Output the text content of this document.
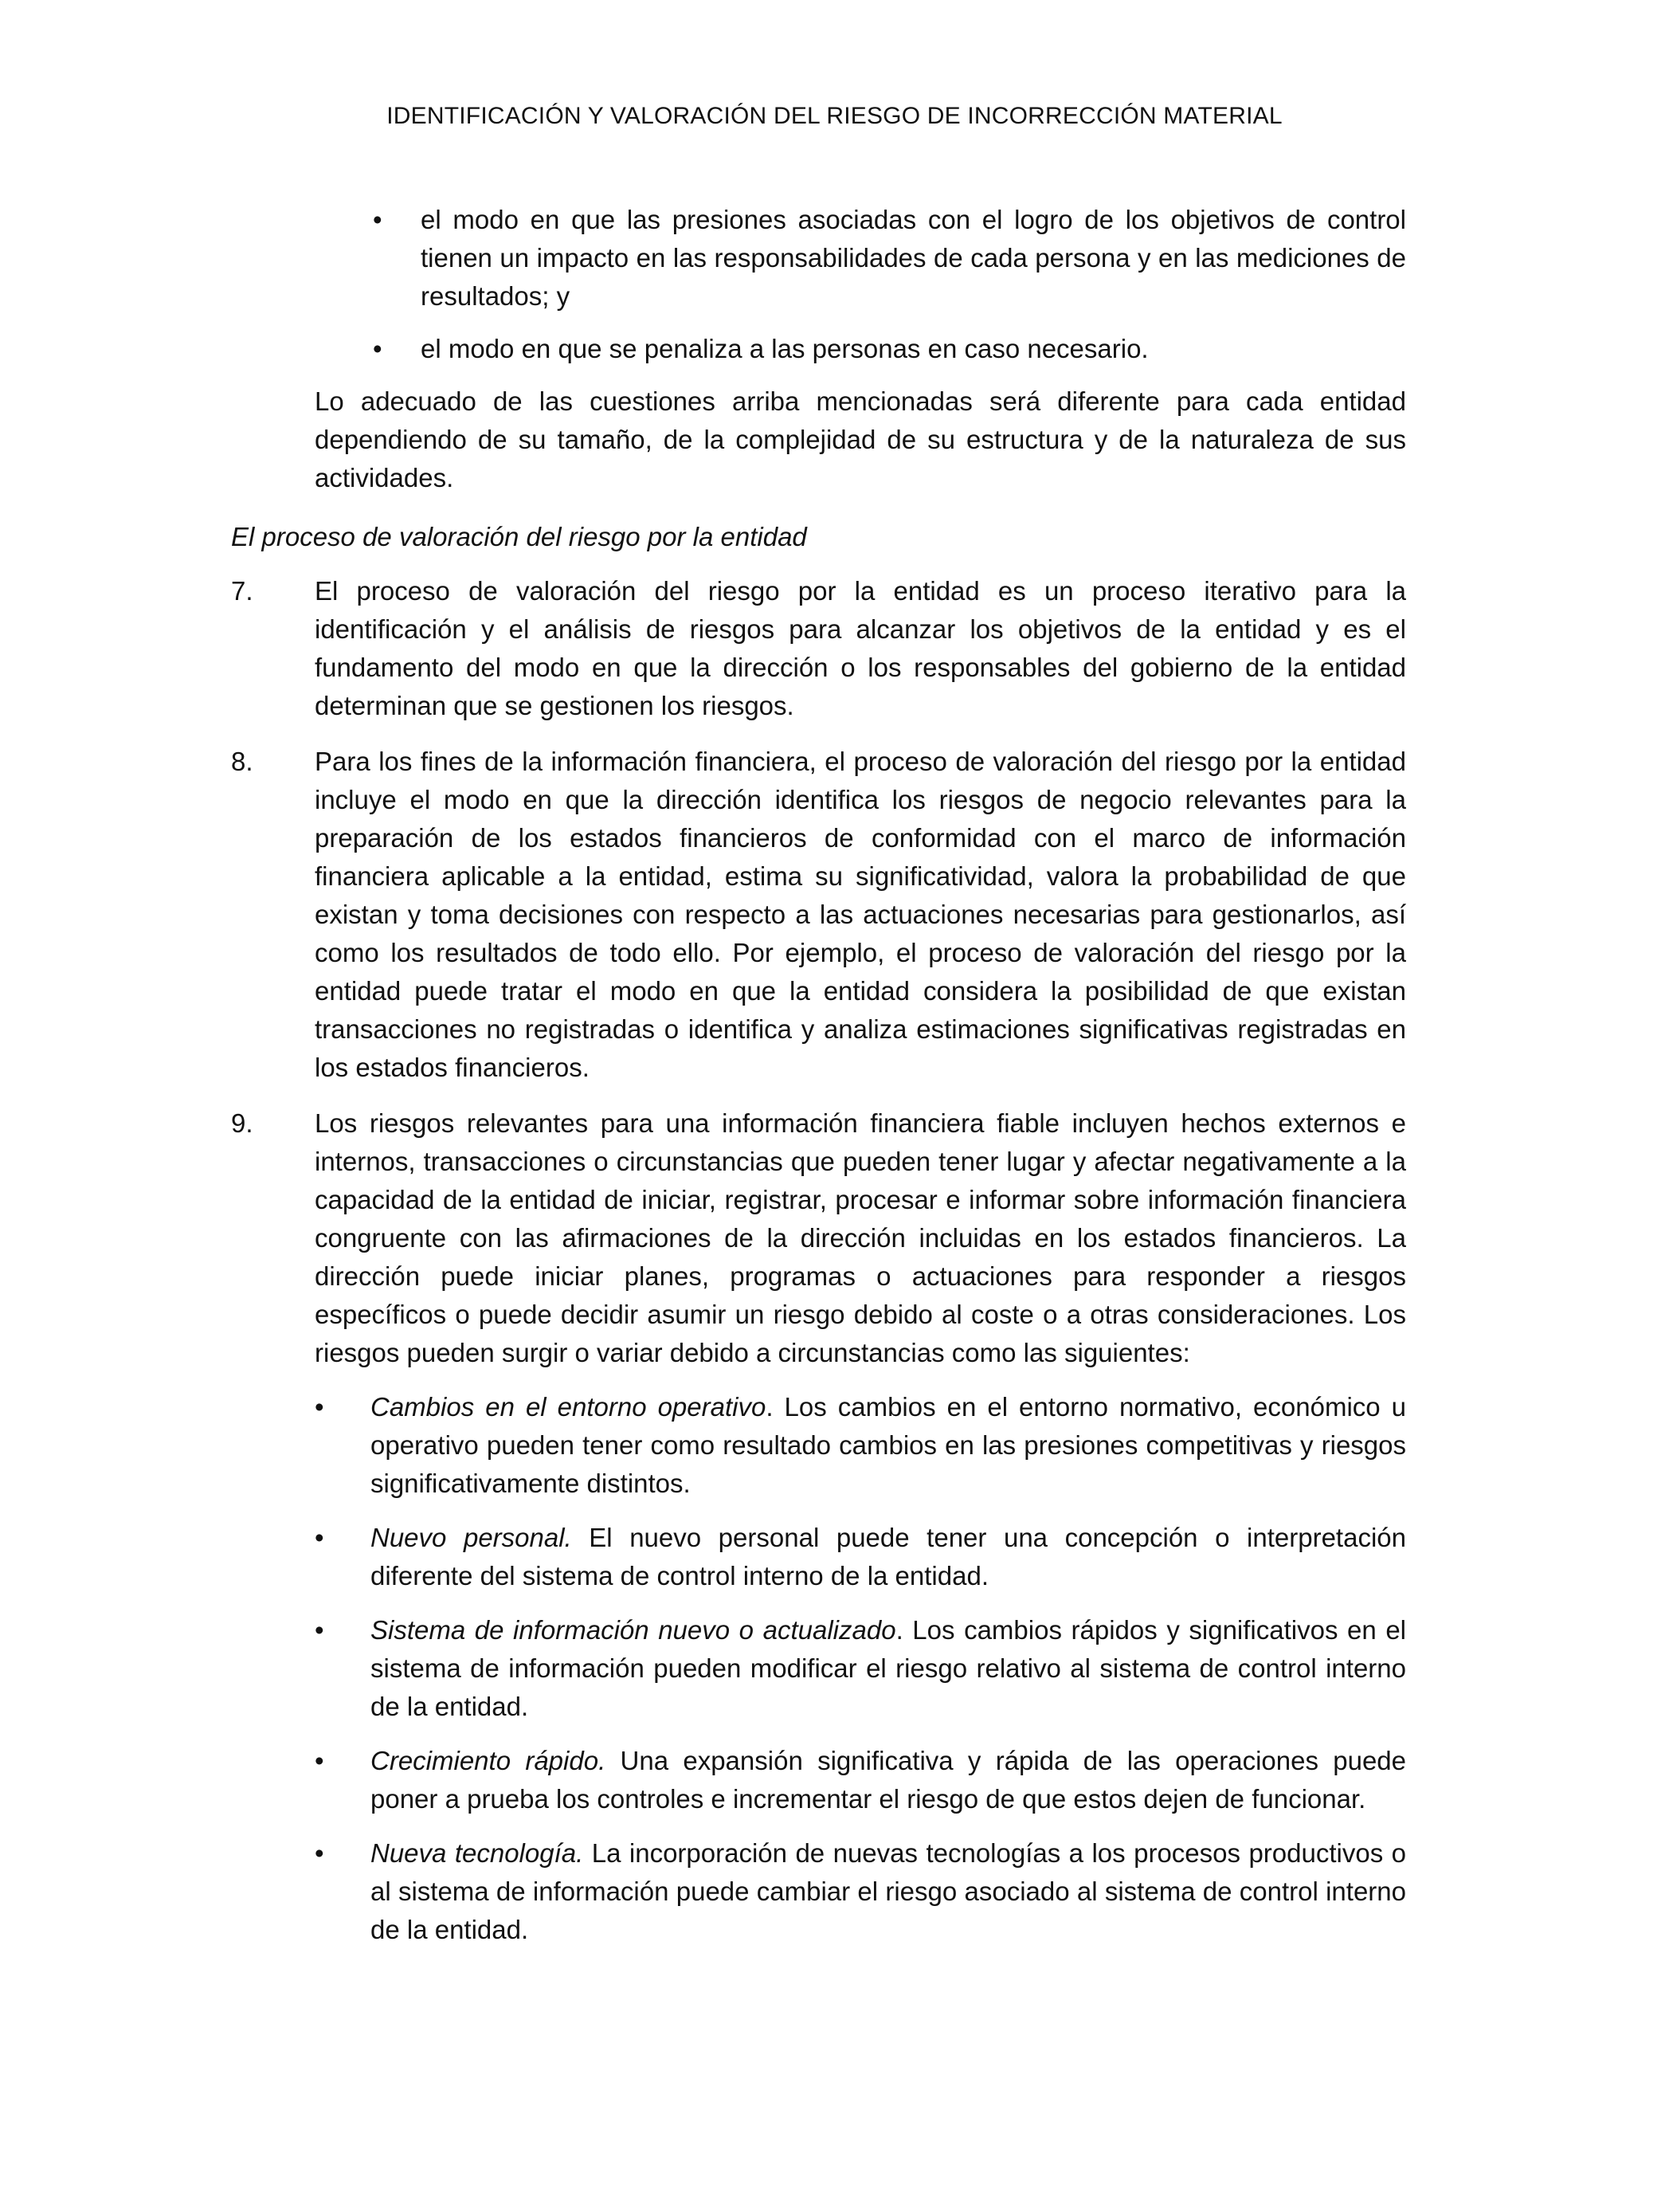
IDENTIFICACIÓN Y VALORACIÓN DEL RIESGO DE INCORRECCIÓN MATERIAL
•	el modo en que las presiones asociadas con el logro de los objetivos de control tienen un impacto en las responsabilidades de cada persona y en las mediciones de resultados; y
•	el modo en que se penaliza a las personas en caso necesario.
Lo adecuado de las cuestiones arriba mencionadas será diferente para cada entidad dependiendo de su tamaño, de la complejidad de su estructura y de la naturaleza de sus actividades.
El proceso de valoración del riesgo por la entidad
7.	El proceso de valoración del riesgo por la entidad es un proceso iterativo para la identificación y el análisis de riesgos para alcanzar los objetivos de la entidad y es el fundamento del modo en que la dirección o los responsables del gobierno de la entidad determinan que se gestionen los riesgos.
8.	Para los fines de la información financiera, el proceso de valoración del riesgo por la entidad incluye el modo en que la dirección identifica los riesgos de negocio relevantes para la preparación de los estados financieros de conformidad con el marco de información financiera aplicable a la entidad, estima su significatividad, valora la probabilidad de que existan y toma decisiones con respecto a las actuaciones necesarias para gestionarlos, así como los resultados de todo ello. Por ejemplo, el proceso de valoración del riesgo por la entidad puede tratar el modo en que la entidad considera la posibilidad de que existan transacciones no registradas o identifica y analiza estimaciones significativas registradas en los estados financieros.
9.	Los riesgos relevantes para una información financiera fiable incluyen hechos externos e internos, transacciones o circunstancias que pueden tener lugar y afectar negativamente a la capacidad de la entidad de iniciar, registrar, procesar e informar sobre información financiera congruente con las afirmaciones de la dirección incluidas en los estados financieros. La dirección puede iniciar planes, programas o actuaciones para responder a riesgos específicos o puede decidir asumir un riesgo debido al coste o a otras consideraciones. Los riesgos pueden surgir o variar debido a circunstancias como las siguientes:
•	Cambios en el entorno operativo. Los cambios en el entorno normativo, económico u operativo pueden tener como resultado cambios en las presiones competitivas y riesgos significativamente distintos.
•	Nuevo personal. El nuevo personal puede tener una concepción o interpretación diferente del sistema de control interno de la entidad.
•	Sistema de información nuevo o actualizado. Los cambios rápidos y significativos en el sistema de información pueden modificar el riesgo relativo al sistema de control interno de la entidad.
•	Crecimiento rápido. Una expansión significativa y rápida de las operaciones puede poner a prueba los controles e incrementar el riesgo de que estos dejen de funcionar.
•	Nueva tecnología. La incorporación de nuevas tecnologías a los procesos productivos o al sistema de información puede cambiar el riesgo asociado al sistema de control interno de la entidad.
